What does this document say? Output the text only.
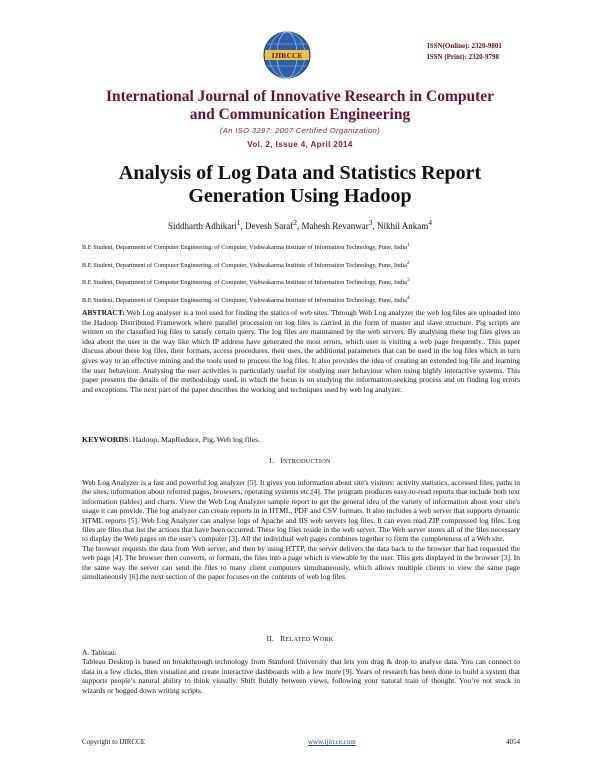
IJIRCCE
ISSN(Online): 2320-9801
ISSN (Print): 2320-9798
International Journal of Innovative Research in Computer
and Communication Engineering
(An ISO 3297: 2007 Certified Organization)
Vol. 2, Issue 4, April 2014
Analysis of Log Data and Statistics Report
Generation Using Hadoop
Siddharth Adhikari$^1$, Devesh Saraf$^2$, Mahesh Revanwar$^3$, Nikhil Ankam$^4$
B.E Student, Department of Computer Engineering. of Computer, Vishwakarma Institute of Information Technology, Pune, India$^1$
B.E Student, Department of Computer Engineering. of Computer, Vishwakarma Institute of Information Technology, Pune, India$^2$
B.E Student, Department of Computer Engineering. of Computer, Vishwakarma Institute of Information Technology, Pune, India$^3$
B.E Student, Department of Computer Engineering. of Computer, Vishwakarma Institute of Information Technology, Pune, India$^4$
ABSTRACT: Web Log analyser is a tool used for finding the statics of web sites. Through Web Log analyzer the web log files are uploaded into the Hadoop Distributed Framework where parallel procession on log files is carried in the form of master and slave structure. Pig scripts are written on the classified log files to satisfy certain query. The log files are maintained by the web servers. By analysing these log files gives an idea about the user in the way like which IP address have generated the most errors, which user is visiting a web page frequently.. This paper discuss about these log files, their formats, access procedures, their uses, the additional parameters that can be used in the log files which in turn gives way to an effective mining and the tools used to process the log files. It also provides the idea of creating an extended log file and learning the user behaviour. Analysing the user activities is particularly useful for studying user behaviour when using highly interactive systems. This paper presents the details of the methodology used, in which the focus is on studying the information-seeking process and on finding log errors and exceptions. The next part of the paper describes the working and techniques used by web log analyzer.
KEYWORDS: Hadoop, MapReduce, Pig, Web log files.
I. INTRODUCTION

Web Log Analyzer is a fast and powerful log analyzer [5]. It gives you information about site's visitors: activity statistics, accessed files, paths in the sites, information about referred pages, browsers, operating systems etc.[4]. The program produces easy-to-read reports that include both text information (tables) and charts. View the Web Log Analyzer sample report to get the general idea of the variety of information about your site's usage it can provide. The log analyzer can create reports in in HTML, PDF and CSV formats. It also includes a web server that supports dynamic HTML reports [5]. Web Log Analyzer can analyse logs of Apache and IIS web servers log files. It can even read ZIP compressed log files. Log files are files that list the actions that have been occurred. These log files reside in the web server. The Web server stores all of the files necessary to display the Web pages on the user’s computer [3]. All the individual web pages combines together to form the completeness of a Web site.

The browser requests the data from Web server, and then by using HTTP, the server delivers the data back to the browser that had requested the web page [4]. The browser then converts, or formats, the files into a page which is viewable by the user. This gets displayed in the browser [3]. In the same way the server can send the files to many client computers simultaneously, which allows multiple clients to view the same page simultaneously [6].the next section of the paper focuses on the contents of web log files.

II. RELATED WORK

A. Tableau:

Tableau Desktop is based on breakthrough technology from Stanford University that lets you drag & drop to analyse data. You can connect to data in a few clicks, then visualize and create interactive dashboards with a few more [9]. Years of research has been done to build a system that supports people’s natural ability to think visually. Shift fluidly between views, following your natural train of thought. You’re not stuck in wizards or bogged down writing scripts.

Copyright to IJIRCCE	www.ijircce.com	4054
